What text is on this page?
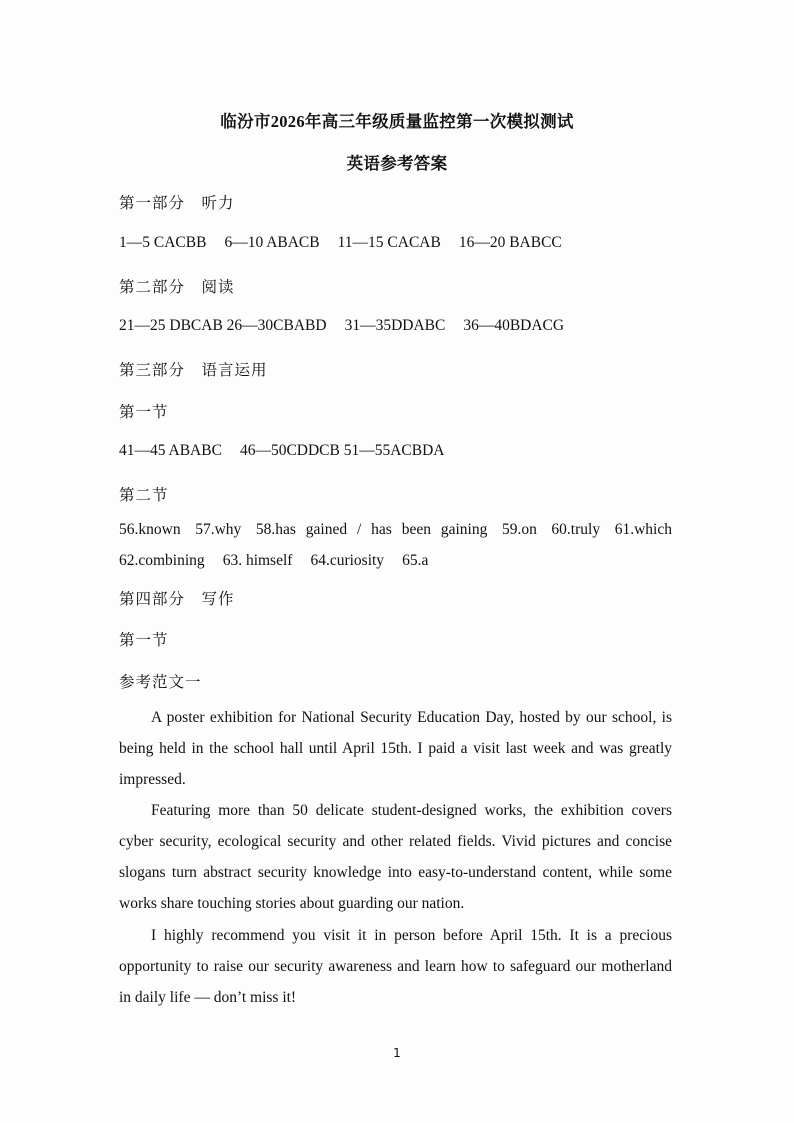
临汾市2026年高三年级质量监控第一次模拟测试
英语参考答案
第一部分　听力
1—5 CACBB 6—10 ABACB 11—15 CACAB 16—20 BABCC
第二部分　阅读
21—25 DBCAB 26—30CBABD 31—35DDABC 36—40BDACG
第三部分　语言运用
第一节
41—45 ABABC 46—50CDDCB 51—55ACBDA
第二节
56.known 57.why 58.has gained / has been gaining 59.on 60.truly 61.which
62.combining 63. himself 64.curiosity 65.a
第四部分　写作
第一节
参考范文一
A poster exhibition for National Security Education Day, hosted by our school, is being held in the school hall until April 15th. I paid a visit last week and was greatly impressed.
Featuring more than 50 delicate student-designed works, the exhibition covers cyber security, ecological security and other related fields. Vivid pictures and concise slogans turn abstract security knowledge into easy-to-understand content, while some works share touching stories about guarding our nation.
I highly recommend you visit it in person before April 15th. It is a precious opportunity to raise our security awareness and learn how to safeguard our motherland in daily life — don’t miss it!
1
